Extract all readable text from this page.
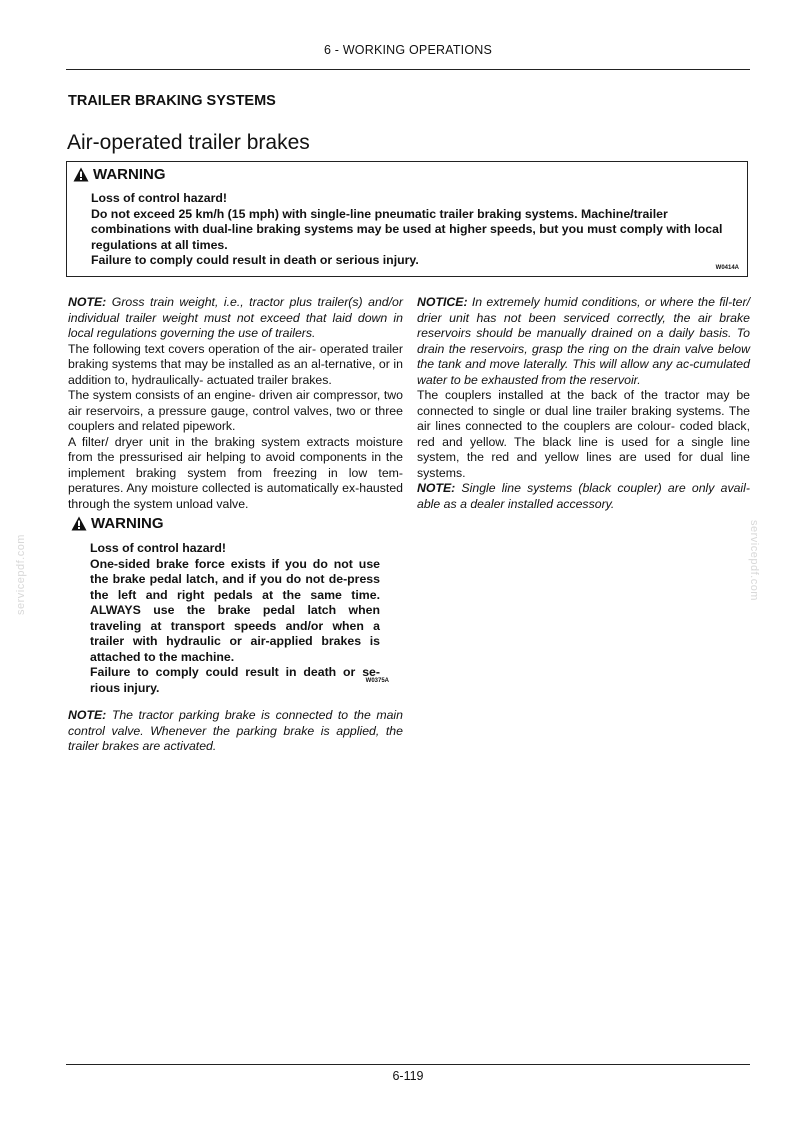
6 - WORKING OPERATIONS
TRAILER BRAKING SYSTEMS
Air-operated trailer brakes
WARNING
Loss of control hazard!
Do not exceed 25 km/h (15 mph) with single-line pneumatic trailer braking systems. Machine/trailer combinations with dual-line braking systems may be used at higher speeds, but you must comply with local regulations at all times.
Failure to comply could result in death or serious injury.
W0414A

NOTE: Gross train weight, i.e., tractor plus trailer(s) and/or individual trailer weight must not exceed that laid down in local regulations governing the use of trailers.

The following text covers operation of the air- operated trailer braking systems that may be installed as an al-ternative, or in addition to, hydraulically- actuated trailer brakes.

The system consists of an engine- driven air compressor, two air reservoirs, a pressure gauge, control valves, two or three couplers and related pipework.

A filter/ dryer unit in the braking system extracts moisture from the pressurised air helping to avoid components in the implement braking system from freezing in low tem-peratures. Any moisture collected is automatically ex-hausted through the system unload valve.

WARNING
Loss of control hazard!
One-sided brake force exists if you do not use the brake pedal latch, and if you do not de-press the left and right pedals at the same time. ALWAYS use the brake pedal latch when traveling at transport speeds and/or when a trailer with hydraulic or air-applied brakes is attached to the machine.
Failure to comply could result in death or se-rious injury.	W0375A

NOTE: The tractor parking brake is connected to the main control valve. Whenever the parking brake is applied, the trailer brakes are activated.

NOTICE: In extremely humid conditions, or where the fil-ter/ drier unit has not been serviced correctly, the air brake reservoirs should be manually drained on a daily basis. To drain the reservoirs, grasp the ring on the drain valve below the tank and move laterally. This will allow any ac-cumulated water to be exhausted from the reservoir.

The couplers installed at the back of the tractor may be connected to single or dual line trailer braking systems. The air lines connected to the couplers are colour- coded black, red and yellow. The black line is used for a single line system, the red and yellow lines are used for dual line systems.

NOTE: Single line systems (black coupler) are only avail-able as a dealer installed accessory.

servicepdf.com	servicepdf.com
6-119
